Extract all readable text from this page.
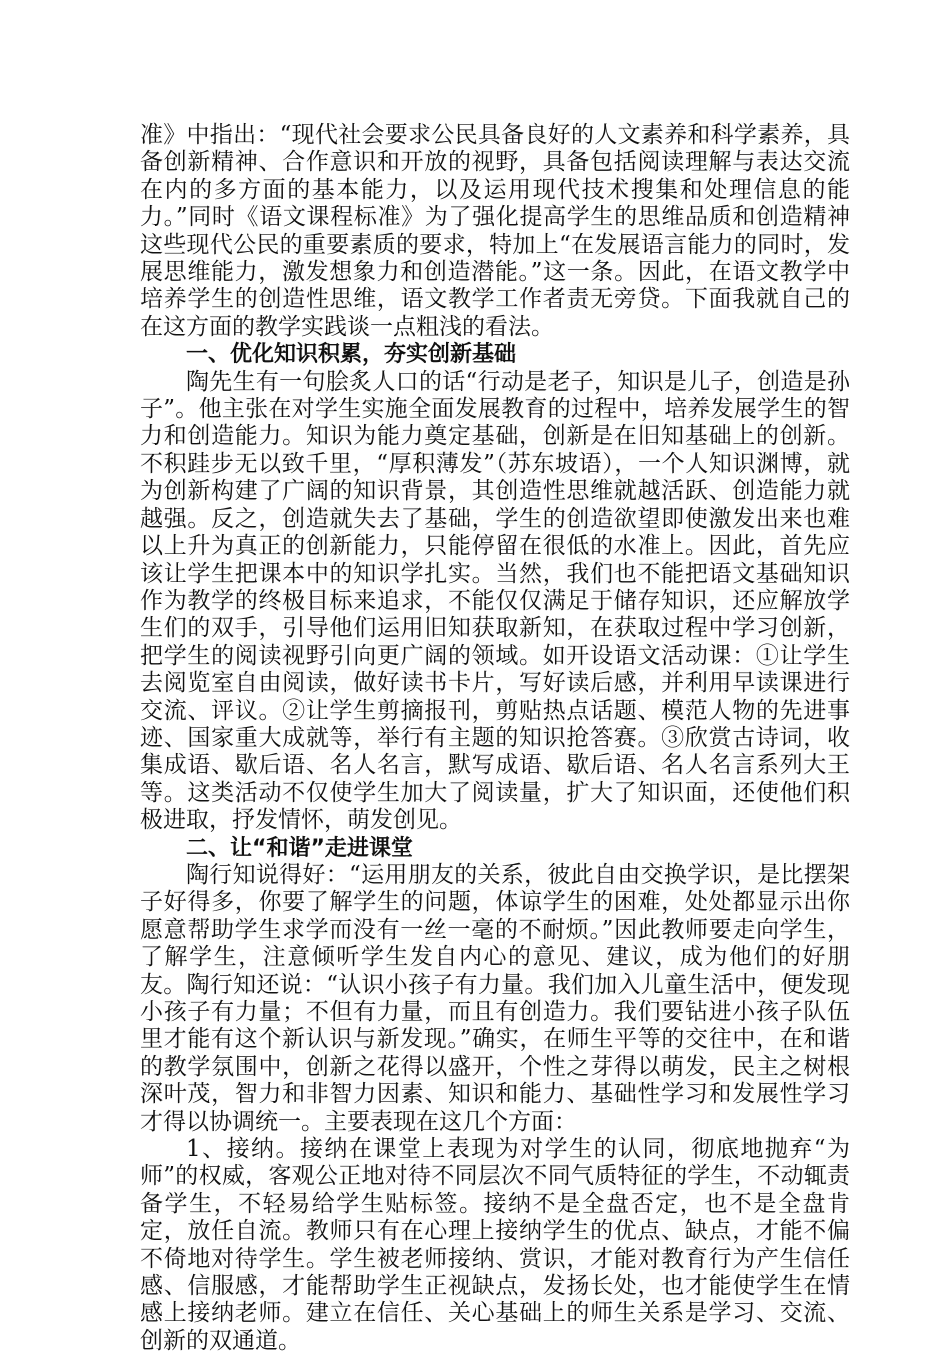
准》中指出：“现代社会要求公民具备良好的人文素养和科学素养，具备创新精神、合作意识和开放的视野，具备包括阅读理解与表达交流在内的多方面的基本能力，以及运用现代技术搜集和处理信息的能力。”同时《语文课程标准》为了强化提高学生的思维品质和创造精神这些现代公民的重要素质的要求，特加上“在发展语言能力的同时，发展思维能力，激发想象力和创造潜能。”这一条。因此，在语文教学中培养学生的创造性思维，语文教学工作者责无旁贷。下面我就自己的在这方面的教学实践谈一点粗浅的看法。

一、优化知识积累，夯实创新基础

陶先生有一句脍炙人口的话“行动是老子，知识是儿子，创造是孙子”。他主张在对学生实施全面发展教育的过程中，培养发展学生的智力和创造能力。知识为能力奠定基础，创新是在旧知基础上的创新。不积跬步无以致千里，“厚积薄发”（苏东坡语），一个人知识渊博，就为创新构建了广阔的知识背景，其创造性思维就越活跃、创造能力就越强。反之，创造就失去了基础，学生的创造欲望即使激发出来也难以上升为真正的创新能力，只能停留在很低的水准上。因此，首先应该让学生把课本中的知识学扎实。当然，我们也不能把语文基础知识作为教学的终极目标来追求，不能仅仅满足于储存知识，还应解放学生们的双手，引导他们运用旧知获取新知，在获取过程中学习创新，把学生的阅读视野引向更广阔的领域。如开设语文活动课：①让学生去阅览室自由阅读，做好读书卡片，写好读后感，并利用早读课进行交流、评议。②让学生剪摘报刊，剪贴热点话题、模范人物的先进事迹、国家重大成就等，举行有主题的知识抢答赛。③欣赏古诗词，收集成语、歇后语、名人名言，默写成语、歇后语、名人名言系列大王等。这类活动不仅使学生加大了阅读量，扩大了知识面，还使他们积极进取，抒发情怀，萌发创见。

二、让“和谐”走进课堂

陶行知说得好：“运用朋友的关系，彼此自由交换学识，是比摆架子好得多，你要了解学生的问题，体谅学生的困难，处处都显示出你愿意帮助学生求学而没有一丝一毫的不耐烦。”因此教师要走向学生，了解学生，注意倾听学生发自内心的意见、建议，成为他们的好朋友。陶行知还说：“认识小孩子有力量。我们加入儿童生活中，便发现小孩子有力量；不但有力量，而且有创造力。我们要钻进小孩子队伍里才能有这个新认识与新发现。”确实，在师生平等的交往中，在和谐的教学氛围中，创新之花得以盛开，个性之芽得以萌发，民主之树根深叶茂，智力和非智力因素、知识和能力、基础性学习和发展性学习才得以协调统一。主要表现在这几个方面：

1、接纳。接纳在课堂上表现为对学生的认同，彻底地抛弃“为师”的权威，客观公正地对待不同层次不同气质特征的学生，不动辄责备学生，不轻易给学生贴标签。接纳不是全盘否定，也不是全盘肯定，放任自流。教师只有在心理上接纳学生的优点、缺点，才能不偏不倚地对待学生。学生被老师接纳、赏识，才能对教育行为产生信任感、信服感，才能帮助学生正视缺点，发扬长处，也才能使学生在情感上接纳老师。建立在信任、关心基础上的师生关系是学习、交流、创新的双通道。
